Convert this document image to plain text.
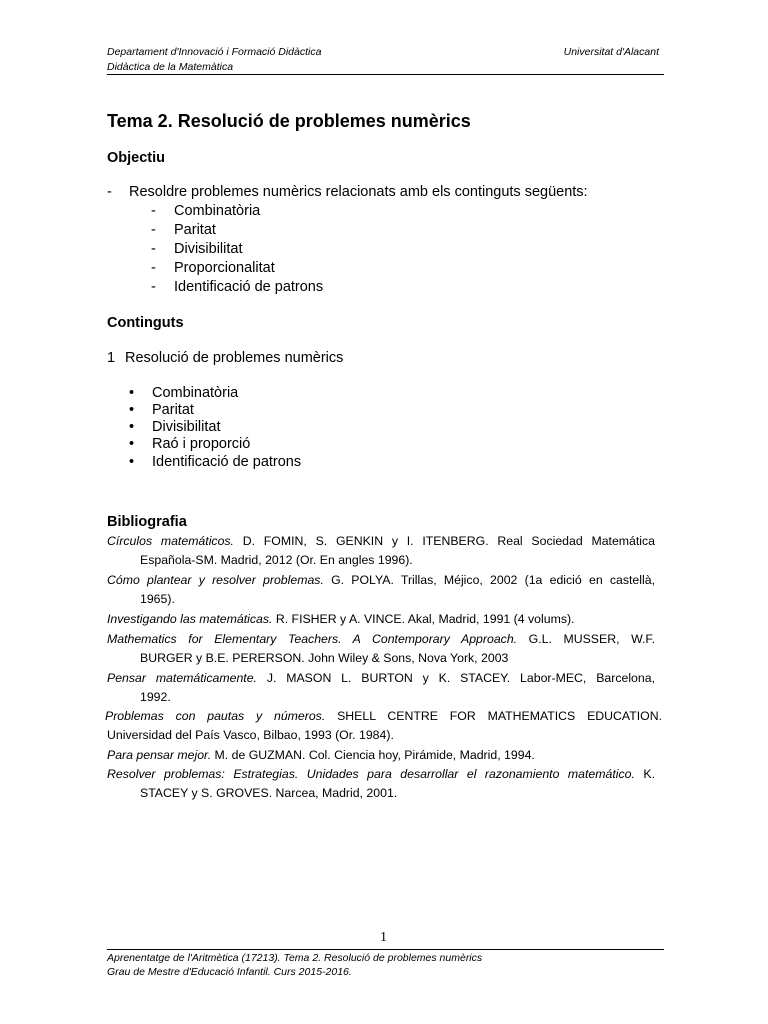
Departament d'Innovació i Formació Didàctica
Didàctica de la Matemàtica
Universitat d'Alacant
Tema 2. Resolució de problemes numèrics
Objectiu
- Resoldre problemes numèrics relacionats amb els continguts següents:
- Combinatòria
- Paritat
- Divisibilitat
- Proporcionalitat
- Identificació de patrons
Continguts
1 Resolució de problemes numèrics
• Combinatòria
• Paritat
• Divisibilitat
• Raó i proporció
• Identificació de patrons
Bibliografia
Círculos matemáticos. D. FOMIN, S. GENKIN y I. ITENBERG. Real Sociedad Matemática
Española-SM. Madrid, 2012 (Or. En angles 1996).
Cómo plantear y resolver problemas. G. POLYA. Trillas, Méjico, 2002 (1a edició en castellà,
1965).
Investigando las matemáticas. R. FISHER y A. VINCE. Akal, Madrid, 1991 (4 volums).
Mathematics for Elementary Teachers. A Contemporary Approach. G.L. MUSSER, W.F.
BURGER y B.E. PERERSON. John Wiley & Sons, Nova York, 2003
Pensar matemáticamente. J. MASON L. BURTON y K. STACEY. Labor-MEC, Barcelona,
1992.
Problemas con pautas y números. SHELL CENTRE FOR MATHEMATICS EDUCATION.
Universidad del País Vasco, Bilbao, 1993 (Or. 1984).
Para pensar mejor. M. de GUZMAN. Col. Ciencia hoy, Pirámide, Madrid, 1994.
Resolver problemas: Estrategias. Unidades para desarrollar el razonamiento matemático. K.
STACEY y S. GROVES. Narcea, Madrid, 2001.
1
Aprenentatge de l'Aritmètica (17213). Tema 2. Resolució de problemes numèrics
Grau de Mestre d'Educació Infantil. Curs 2015-2016.
